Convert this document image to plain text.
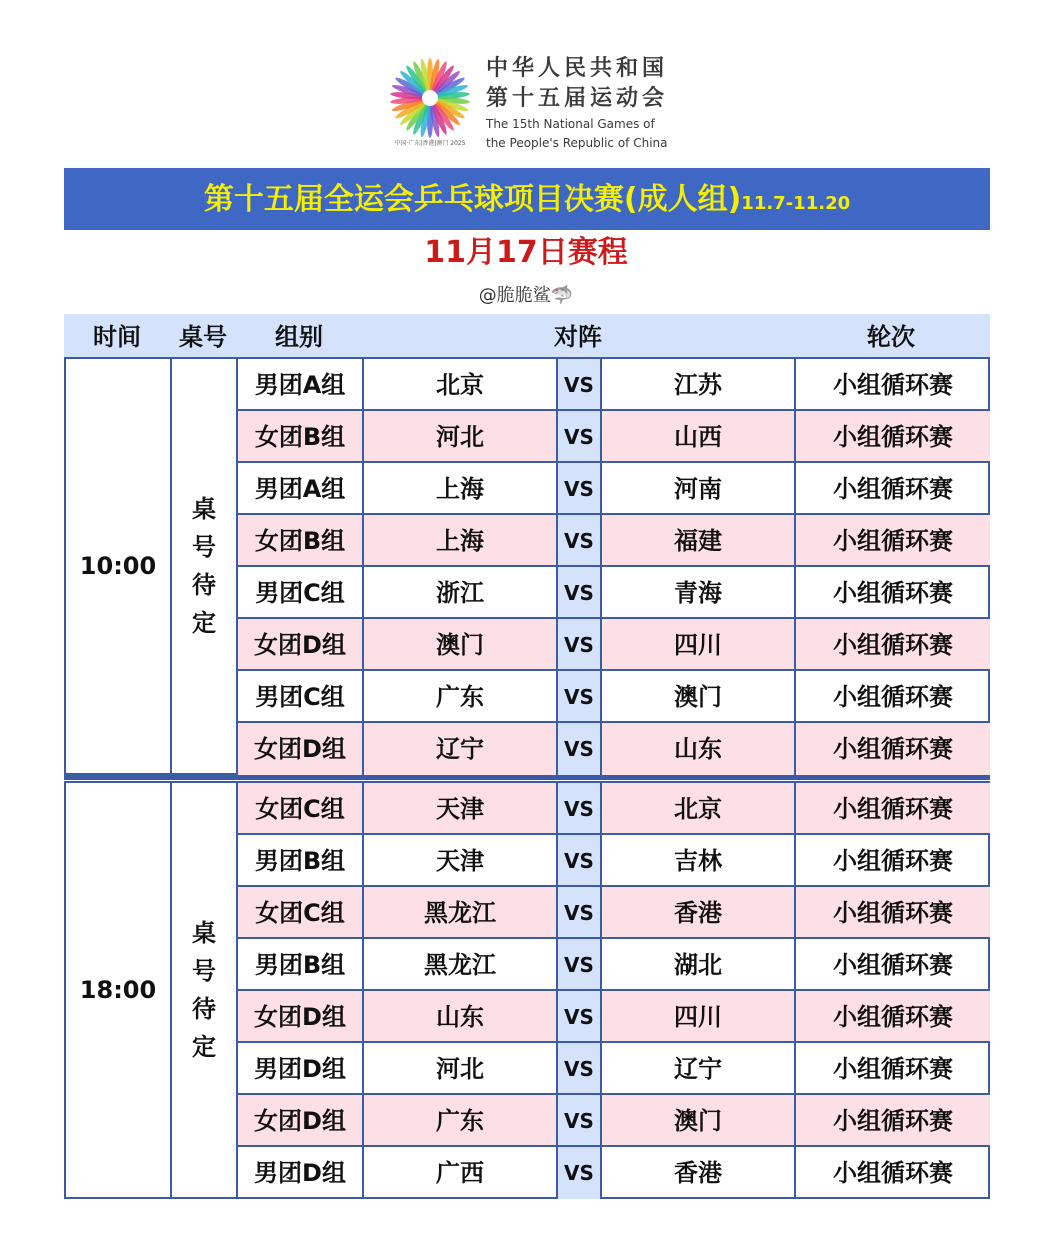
中国·广东|香港|澳门 2025
中华人民共和国
第十五届运动会
The 15th National Games of
the People's Republic of China
第十五届全运会乒乓球项目决赛(成人组)11.7-11.20
11月17日赛程
@脆脆鲨🦈
时间	桌号	组别	对阵	轮次
10:00
桌
号
待
定
男团A组	北京	VS	江苏	小组循环赛
女团B组	河北	VS	山西	小组循环赛
男团A组	上海	VS	河南	小组循环赛
女团B组	上海	VS	福建	小组循环赛
男团C组	浙江	VS	青海	小组循环赛
女团D组	澳门	VS	四川	小组循环赛
男团C组	广东	VS	澳门	小组循环赛
女团D组	辽宁	VS	山东	小组循环赛
18:00
桌
号
待
定
女团C组	天津	VS	北京	小组循环赛
男团B组	天津	VS	吉林	小组循环赛
女团C组	黑龙江	VS	香港	小组循环赛
男团B组	黑龙江	VS	湖北	小组循环赛
女团D组	山东	VS	四川	小组循环赛
男团D组	河北	VS	辽宁	小组循环赛
女团D组	广东	VS	澳门	小组循环赛
男团D组	广西	VS	香港	小组循环赛
